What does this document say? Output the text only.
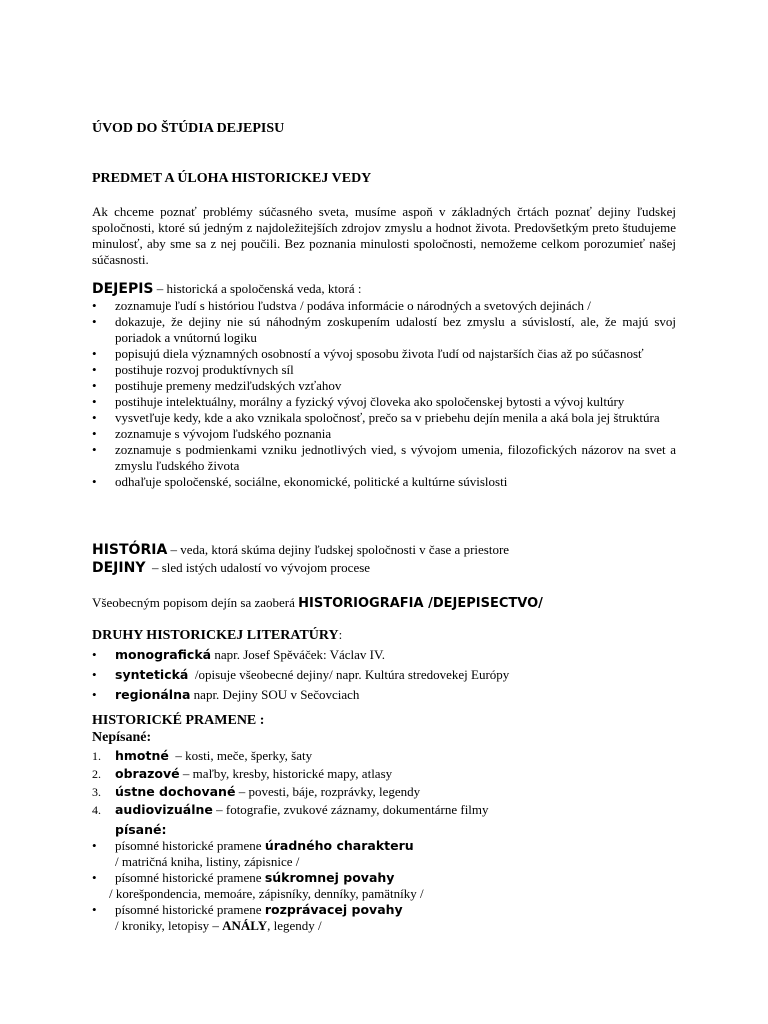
ÚVOD DO ŠTÚDIA DEJEPISU
PREDMET A ÚLOHA HISTORICKEJ VEDY
Ak chceme poznať problémy súčasného sveta, musíme aspoň v základných črtách poznať dejiny ľudskej spoločnosti, ktoré sú jedným z najdoležitejších zdrojov zmyslu a hodnot života. Predovšetkým preto študujeme minulosť, aby sme sa z nej poučili. Bez poznania minulosti spoločnosti, nemožeme celkom porozumieť našej súčasnosti.
DEJEPIS – historická a spoločenská veda, ktorá :
• zoznamuje ľudí s históriou ľudstva / podáva informácie o národných a svetových dejinách /
• dokazuje, že dejiny nie sú náhodným zoskupením udalostí bez zmyslu a súvislostí, ale, že majú svoj poriadok a vnútornú logiku
• popisujú diela významných osobností a vývoj sposobu života ľudí od najstarších čias až po súčasnosť
• postihuje rozvoj produktívnych síl
• postihuje premeny medziľudských vzťahov
• postihuje intelektuálny, morálny a fyzický vývoj človeka ako spoločenskej bytosti a vývoj kultúry
• vysvetľuje kedy, kde a ako vznikala spoločnosť, prečo sa v priebehu dejín menila a aká bola jej štruktúra
• zoznamuje s vývojom ľudského poznania
• zoznamuje s podmienkami vzniku jednotlivých vied, s vývojom umenia, filozofických názorov na svet a zmyslu ľudského života
• odhaľuje spoločenské, sociálne, ekonomické, politické a kultúrne súvislosti
HISTÓRIA – veda, ktorá skúma dejiny ľudskej spoločnosti v čase a priestore
DEJINY  – sled istých udalostí vo vývojom procese
Všeobecným popisom dejín sa zaoberá HISTORIOGRAFIA /DEJEPISECTVO/
DRUHY HISTORICKEJ LITERATÚRY:
• monografická napr. Josef Spěváček: Václav IV.
• syntetická  /opisuje všeobecné dejiny/ napr. Kultúra stredovekej Európy
• regionálna napr. Dejiny SOU v Sečovciach
HISTORICKÉ PRAMENE :
Nepísané:
1. hmotné  – kosti, meče, šperky, šaty
2. obrazové – maľby, kresby, historické mapy, atlasy
3. ústne dochované – povesti, báje, rozprávky, legendy
4. audiovizuálne – fotografie, zvukové záznamy, dokumentárne filmy
písané:
• písomné historické pramene úradného charakteru
/ matričná kniha, listiny, zápisnice /
• písomné historické pramene súkromnej povahy
/ korešpondencia, memoáre, zápisníky, denníky, pamätníky /
• písomné historické pramene rozprávacej povahy
/ kroniky, letopisy – ANÁLY, legendy /
